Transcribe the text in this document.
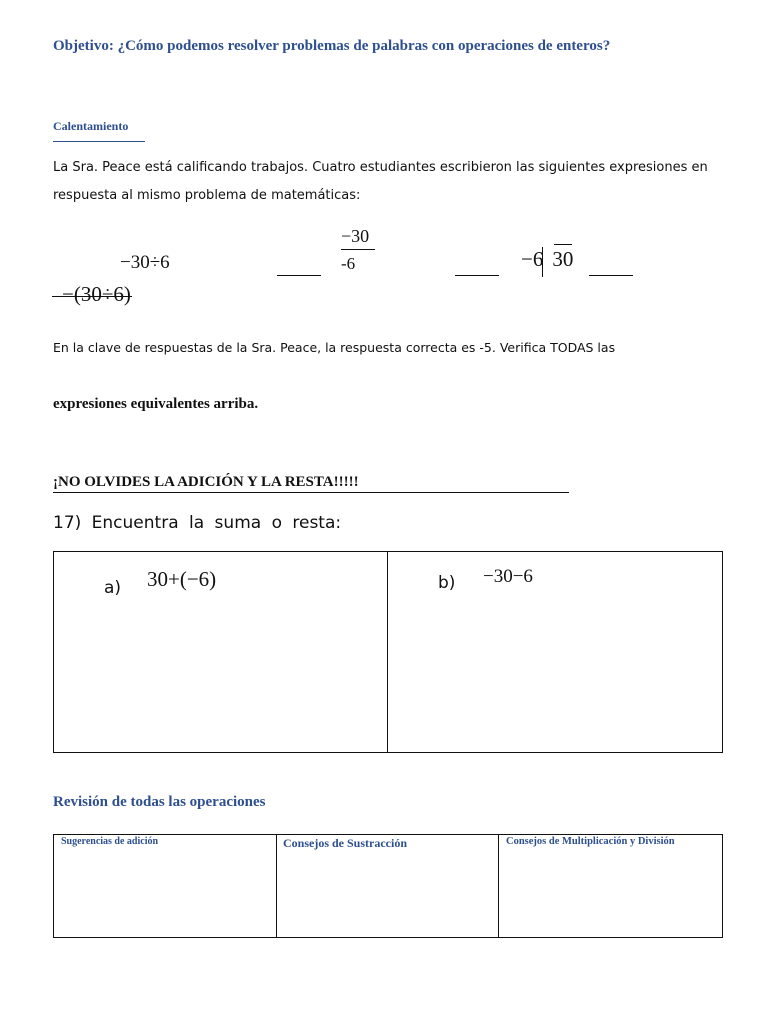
Objetivo: ¿Cómo podemos resolver problemas de palabras con operaciones de enteros?
Calentamiento
La Sra. Peace está calificando trabajos. Cuatro estudiantes escribieron las siguientes expresiones en
respuesta al mismo problema de matemáticas:
−30÷6
−30
-6	−6 30
−(30÷6)
En la clave de respuestas de la Sra. Peace, la respuesta correcta es -5. Verifica TODAS las
expresiones equivalentes arriba.
¡NO OLVIDES LA ADICIÓN Y LA RESTA!!!!!
17) Encuentra la suma o resta:
a) 30+(−6)	b) −30−6
Revisión de todas las operaciones
Sugerencias de adición	Consejos de Sustracción	Consejos de Multiplicación y División
